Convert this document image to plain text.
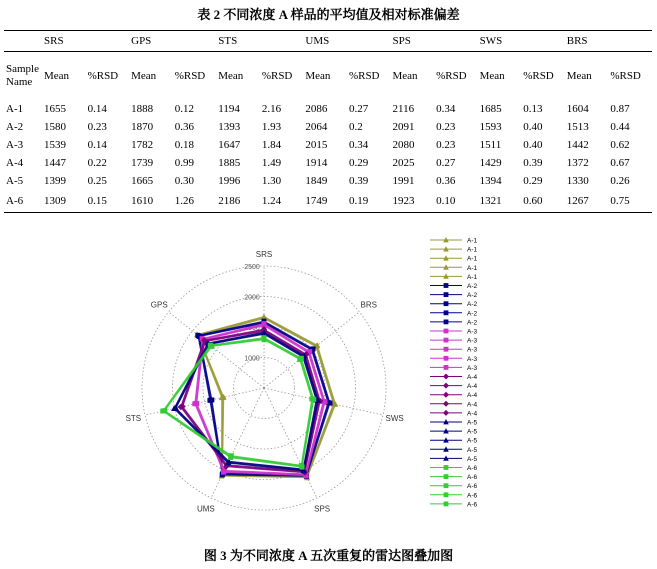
表 2 不同浓度 A 样品的平均值及相对标准偏差
	SRS		GPS		STS		UMS		SPS		SWS		BRS	
SampleName	Mean	%RSD	Mean	%RSD	Mean	%RSD	Mean	%RSD	Mean	%RSD	Mean	%RSD	Mean	%RSD
A-1	1655	0.14	1888	0.12	1194	2.16	2086	0.27	2116	0.34	1685	0.13	1604	0.87
A-2	1580	0.23	1870	0.36	1393	1.93	2064	0.2	2091	0.23	1593	0.40	1513	0.44
A-3	1539	0.14	1782	0.18	1647	1.84	2015	0.34	2080	0.23	1511	0.40	1442	0.62
A-4	1447	0.22	1739	0.99	1885	1.49	1914	0.29	2025	0.27	1429	0.39	1372	0.67
A-5	1399	0.25	1665	0.30	1996	1.30	1849	0.39	1991	0.36	1394	0.29	1330	0.26
A-6	1309	0.15	1610	1.26	2186	1.24	1749	0.19	1923	0.10	1321	0.60	1267	0.75
SRS
BRS
SWS
SPS
UMS
STS
GPS
1000
1500
2000
2500
A-1
A-1
A-1
A-1
A-1
A-2
A-2
A-2
A-2
A-2
A-3
A-3
A-3
A-3
A-3
A-4
A-4
A-4
A-4
A-4
A-5
A-5
A-5
A-5
A-5
A-6
A-6
A-6
A-6
A-6
图 3 为不同浓度 A 五次重复的雷达图叠加图
